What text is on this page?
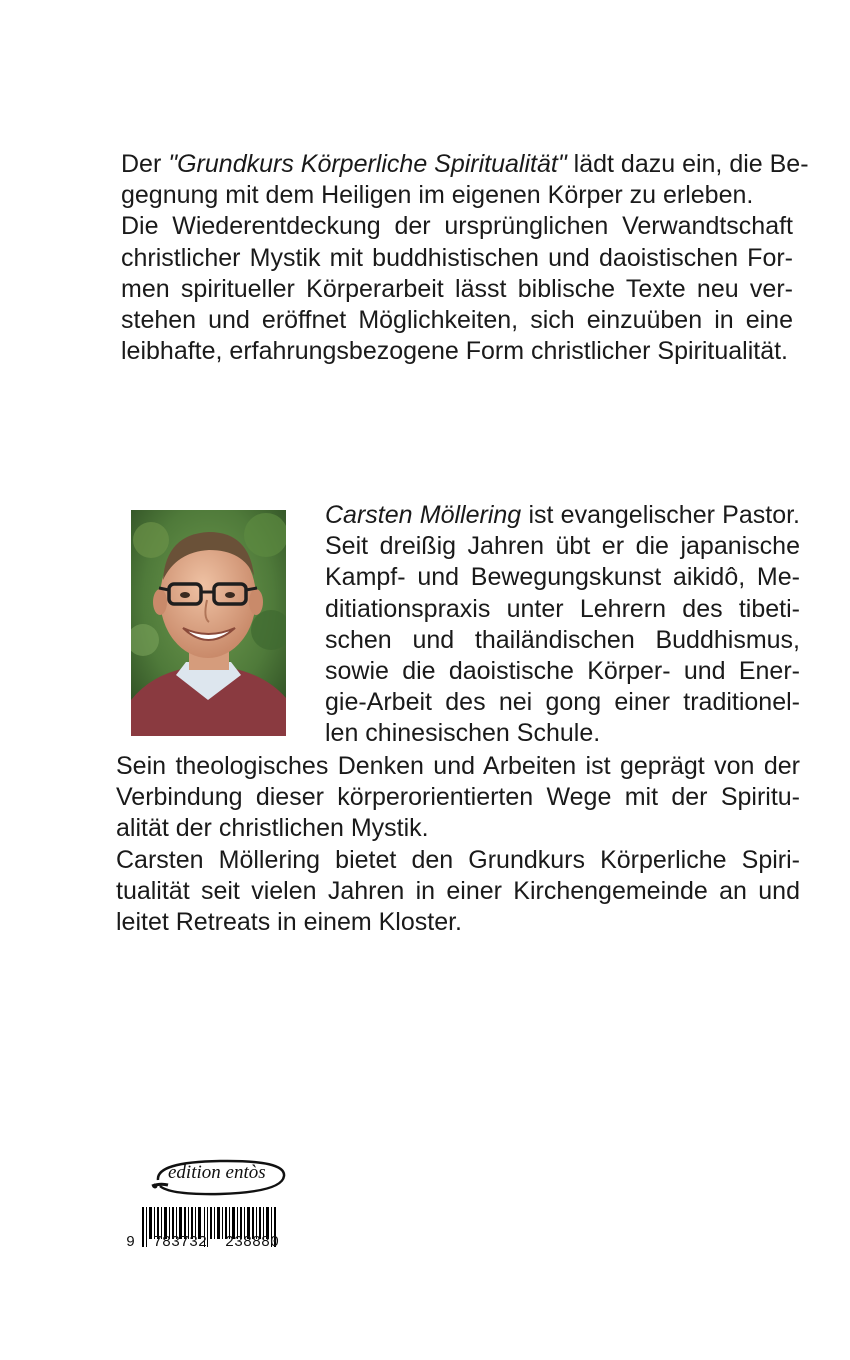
Der "Grundkurs Körperliche Spiritualität" lädt dazu ein, die Be-
gegnung mit dem Heiligen im eigenen Körper zu erleben.
Die Wiederentdeckung der ursprünglichen Verwandtschaft
christlicher Mystik mit buddhistischen und daoistischen For-
men spiritueller Körperarbeit lässt biblische Texte neu ver-
stehen und eröffnet Möglichkeiten, sich einzuüben in eine
leibhafte, erfahrungsbezogene Form christlicher Spiritualität.
Carsten Möllering ist evangelischer Pastor.
Seit dreißig Jahren übt er die japanische
Kampf- und Bewegungskunst aikidô, Me-
ditiationspraxis unter Lehrern des tibeti-
schen und thailändischen Buddhismus,
sowie die daoistische Körper- und Ener-
gie-Arbeit des nei gong einer traditionel-
len chinesischen Schule.
Sein theologisches Denken und Arbeiten ist geprägt von der
Verbindung dieser körperorientierten Wege mit der Spiritu-
alität der christlichen Mystik.
Carsten Möllering bietet den Grundkurs Körperliche Spiri-
tualität seit vielen Jahren in einer Kirchengemeinde an und
leitet Retreats in einem Kloster.
edition entòs
9  783732  238880
